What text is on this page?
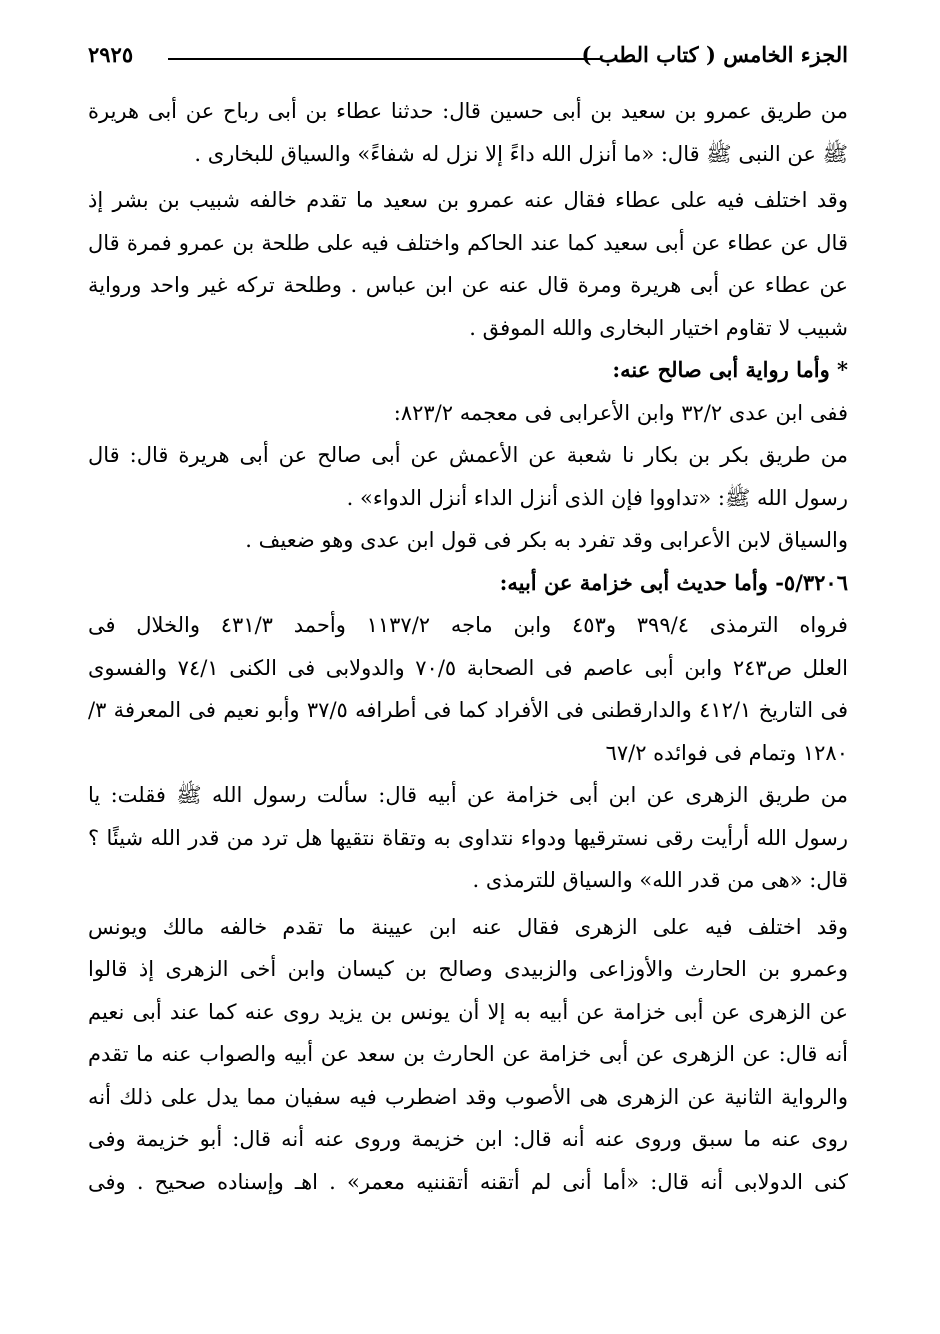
الجزء الخامس ( كتاب الطب )
٢٩٢٥
من طريق عمرو بن سعيد بن أبى حسين قال: حدثنا عطاء بن أبى رباح عن أبى هريرة
ﷺ عن النبى ﷺ قال: «ما أنزل الله داءً إلا نزل له شفاءً» والسياق للبخارى .
وقد اختلف فيه على عطاء فقال عنه عمرو بن سعيد ما تقدم خالفه شبيب بن بشر إذ
قال عن عطاء عن أبى سعيد كما عند الحاكم واختلف فيه على طلحة بن عمرو فمرة قال
عن عطاء عن أبى هريرة ومرة قال عنه عن ابن عباس . وطلحة تركه غير واحد ورواية
شبيب لا تقاوم اختيار البخارى والله الموفق .
* وأما رواية أبى صالح عنه:
ففى ابن عدى ٣٢/٢ وابن الأعرابى فى معجمه ٨٢٣/٢:
من طريق بكر بن بكار نا شعبة عن الأعمش عن أبى صالح عن أبى هريرة قال: قال
رسول الله ﷺ: «تداووا فإن الذى أنزل الداء أنزل الدواء» .
والسياق لابن الأعرابى وقد تفرد به بكر فى قول ابن عدى وهو ضعيف .
٥/٣٢٠٦- وأما حديث أبى خزامة عن أبيه:
فرواه الترمذى ٣٩٩/٤ و٤٥٣ وابن ماجه ١١٣٧/٢ وأحمد ٤٣١/٣ والخلال فى
العلل ص٢٤٣ وابن أبى عاصم فى الصحابة ٧٠/٥ والدولابى فى الكنى ٧٤/١ والفسوى
فى التاريخ ٤١٢/١ والدارقطنى فى الأفراد كما فى أطرافه ٣٧/٥ وأبو نعيم فى المعرفة ٣/
١٢٨٠ وتمام فى فوائده ٦٧/٢
من طريق الزهرى عن ابن أبى خزامة عن أبيه قال: سألت رسول الله ﷺ فقلت: يا
رسول الله أرأيت رقى نسترقيها ودواء نتداوى به وتقاة نتقيها هل ترد من قدر الله شيئًا ؟
قال: «هى من قدر الله» والسياق للترمذى .
وقد اختلف فيه على الزهرى فقال عنه ابن عيينة ما تقدم خالفه مالك ويونس
وعمرو بن الحارث والأوزاعى والزبيدى وصالح بن كيسان وابن أخى الزهرى إذ قالوا
عن الزهرى عن أبى خزامة عن أبيه به إلا أن يونس بن يزيد روى عنه كما عند أبى نعيم
أنه قال: عن الزهرى عن أبى خزامة عن الحارث بن سعد عن أبيه والصواب عنه ما تقدم
والرواية الثانية عن الزهرى هى الأصوب وقد اضطرب فيه سفيان مما يدل على ذلك أنه
روى عنه ما سبق وروى عنه أنه قال: ابن خزيمة وروى عنه أنه قال: أبو خزيمة وفى
كنى الدولابى أنه قال: «أما أنى لم أتقنه أتقننيه معمر» . اهـ وإسناده صحيح . وفى
